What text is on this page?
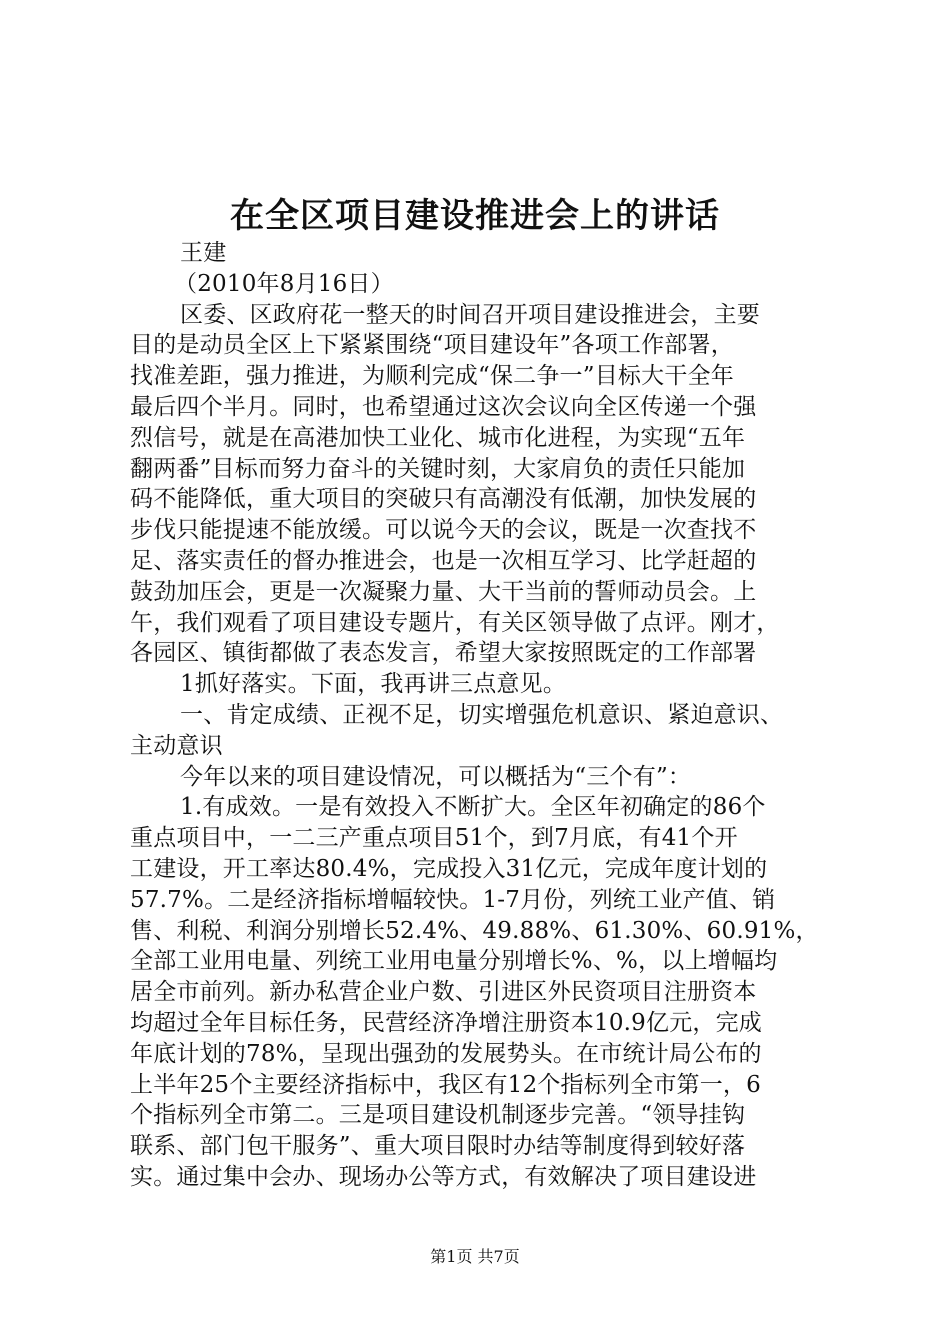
在全区项目建设推进会上的讲话
王建
（2010年8月16日）
区委、区政府花一整天的时间召开项目建设推进会，主要
目的是动员全区上下紧紧围绕“项目建设年”各项工作部署，
找准差距，强力推进，为顺利完成“保二争一”目标大干全年
最后四个半月。同时，也希望通过这次会议向全区传递一个强
烈信号，就是在高港加快工业化、城市化进程，为实现“五年
翻两番”目标而努力奋斗的关键时刻，大家肩负的责任只能加
码不能降低，重大项目的突破只有高潮没有低潮，加快发展的
步伐只能提速不能放缓。可以说今天的会议，既是一次查找不
足、落实责任的督办推进会，也是一次相互学习、比学赶超的
鼓劲加压会，更是一次凝聚力量、大干当前的誓师动员会。上
午，我们观看了项目建设专题片，有关区领导做了点评。刚才，
各园区、镇街都做了表态发言，希望大家按照既定的工作部署
1抓好落实。下面，我再讲三点意见。
一、肯定成绩、正视不足，切实增强危机意识、紧迫意识、
主动意识
今年以来的项目建设情况，可以概括为“三个有”：
1.有成效。一是有效投入不断扩大。全区年初确定的86个
重点项目中，一二三产重点项目51个，到7月底，有41个开
工建设，开工率达80.4%，完成投入31亿元，完成年度计划的
57.7%。二是经济指标增幅较快。1-7月份，列统工业产值、销
售、利税、利润分别增长52.4%、49.88%、61.30%、60.91%，
全部工业用电量、列统工业用电量分别增长%、%，以上增幅均
居全市前列。新办私营企业户数、引进区外民资项目注册资本
均超过全年目标任务，民营经济净增注册资本10.9亿元，完成
年底计划的78%，呈现出强劲的发展势头。在市统计局公布的
上半年25个主要经济指标中，我区有12个指标列全市第一，6
个指标列全市第二。三是项目建设机制逐步完善。“领导挂钩
联系、部门包干服务”、重大项目限时办结等制度得到较好落
实。通过集中会办、现场办公等方式，有效解决了项目建设进
第1页 共7页
